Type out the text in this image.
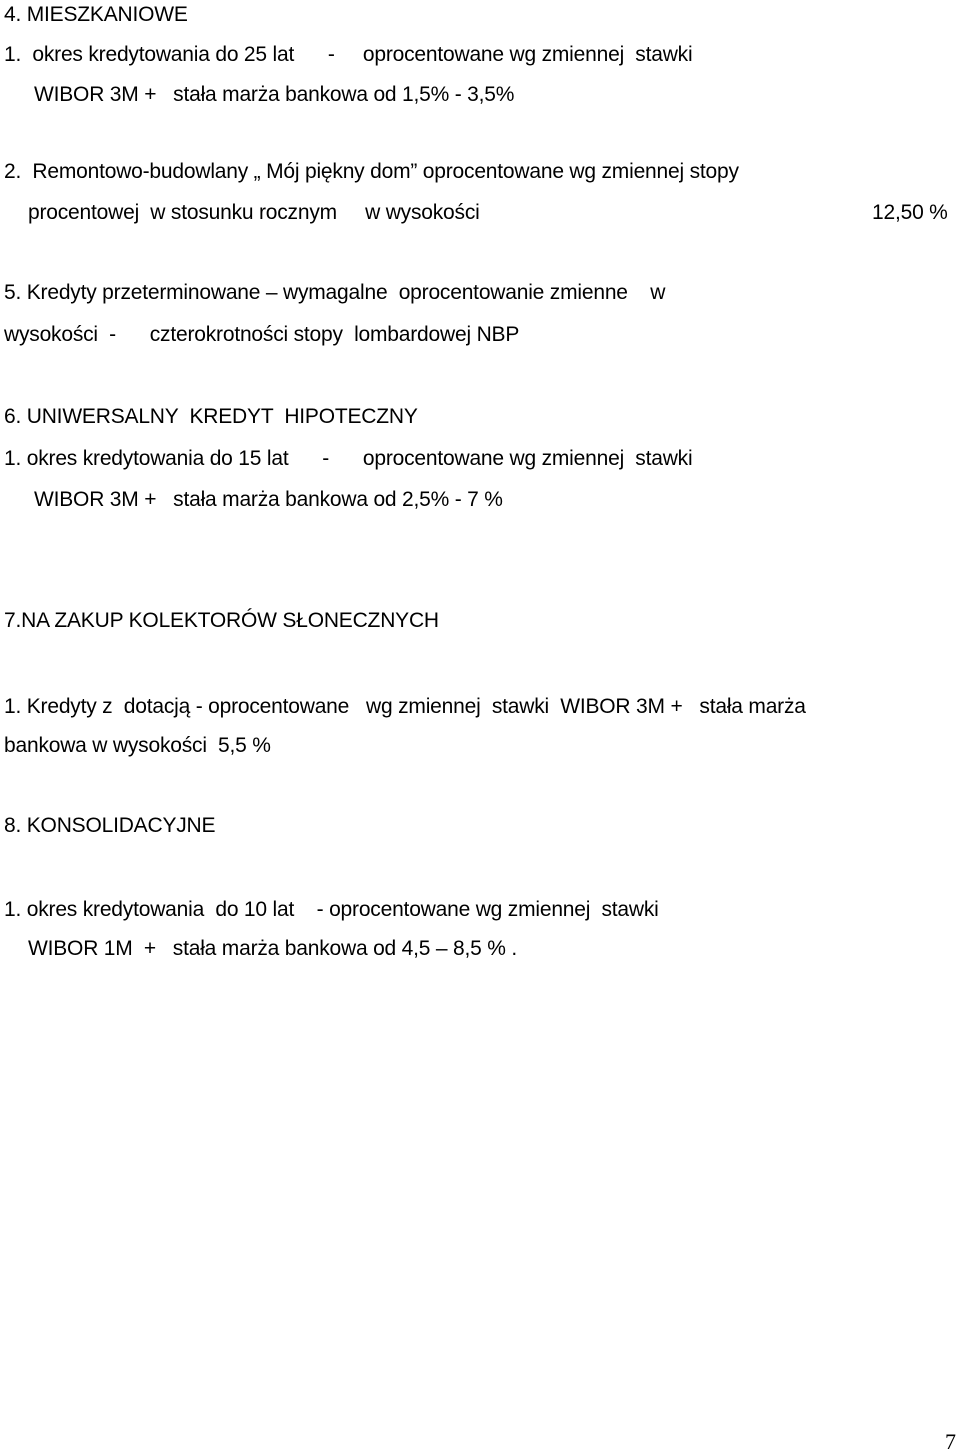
4. MIESZKANIOWE
1.  okres kredytowania do 25 lat      -     oprocentowane wg zmiennej  stawki
WIBOR 3M +   stała marża bankowa od 1,5% - 3,5%
2.  Remontowo-budowlany „ Mój piękny dom” oprocentowane wg zmiennej stopy
procentowej  w stosunku rocznym     w wysokości	12,50 %
5. Kredyty przeterminowane – wymagalne  oprocentowanie zmienne    w
wysokości  -      czterokrotności stopy  lombardowej NBP
6. UNIWERSALNY  KREDYT  HIPOTECZNY
1. okres kredytowania do 15 lat      -      oprocentowane wg zmiennej  stawki
WIBOR 3M +   stała marża bankowa od 2,5% - 7 %
7.NA ZAKUP KOLEKTORÓW SŁONECZNYCH
1. Kredyty z  dotacją - oprocentowane   wg zmiennej  stawki  WIBOR 3M +   stała marża
bankowa w wysokości  5,5 %
8. KONSOLIDACYJNE
1. okres kredytowania  do 10 lat    - oprocentowane wg zmiennej  stawki
WIBOR 1M  +   stała marża bankowa od 4,5 – 8,5 % .
7
